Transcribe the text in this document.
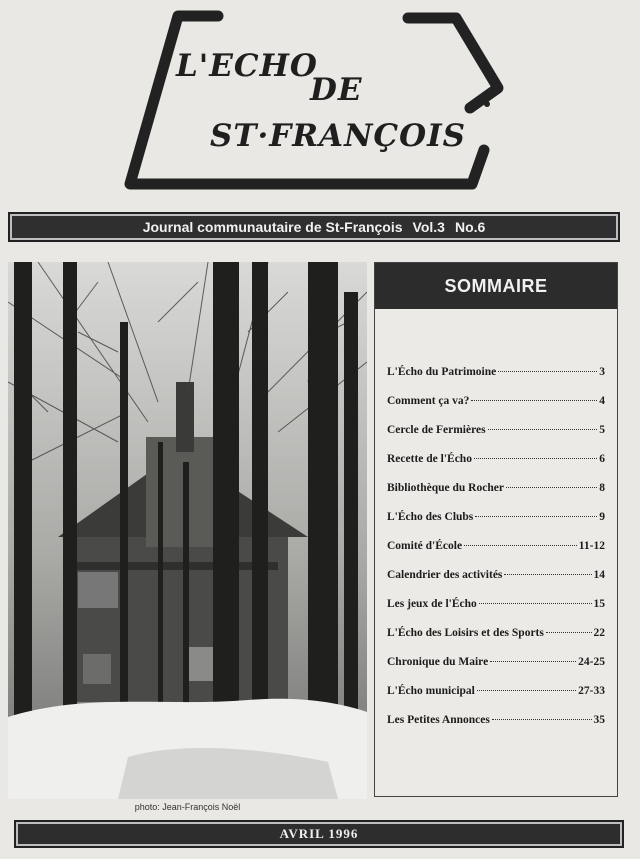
L'ECHO
DE
ST·FRANÇOIS
Journal communautaire de St-François Vol.3 No.6
photo: Jean-François Noël
SOMMAIRE
L'Écho du Patrimoine	3
Comment ça va?	4
Cercle de Fermières	5
Recette de l'Écho	6
Bibliothèque du Rocher	8
L'Écho des Clubs	9
Comité d'École	11-12
Calendrier des activités	14
Les jeux de l'Écho	15
L'Écho des Loisirs et des Sports	22
Chronique du Maire	24-25
L'Écho municipal	27-33
Les Petites Annonces	35
AVRIL 1996
